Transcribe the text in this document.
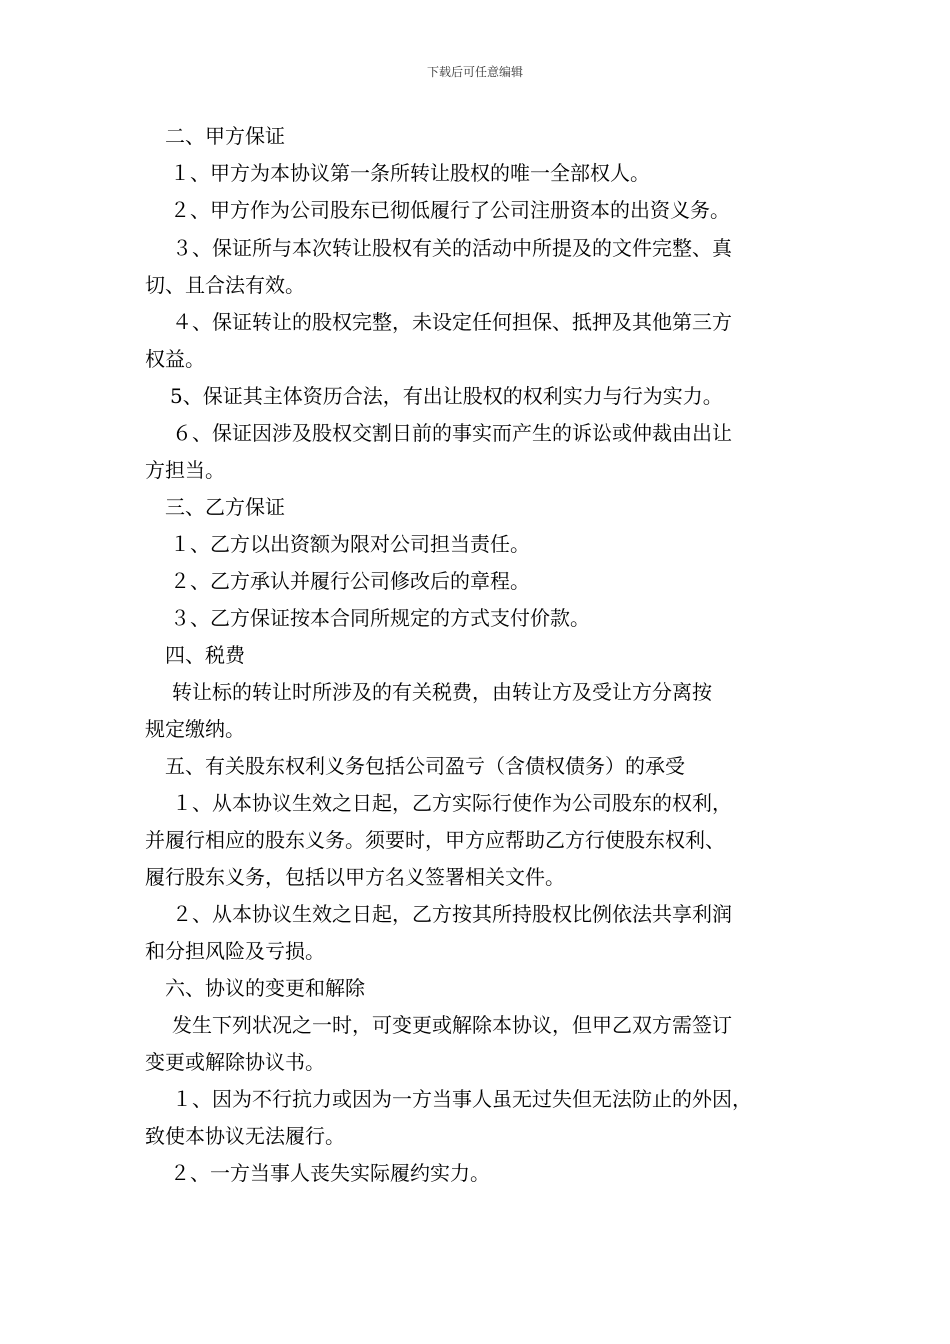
下载后可任意编辑
二、甲方保证
１、甲方为本协议第一条所转让股权的唯一全部权人。
２、甲方作为公司股东已彻低履行了公司注册资本的出资义务。
３、保证所与本次转让股权有关的活动中所提及的文件完整、真
切、且合法有效。
４、保证转让的股权完整，未设定任何担保、抵押及其他第三方
权益。
5、保证其主体资历合法，有出让股权的权利实力与行为实力。
６、保证因涉及股权交割日前的事实而产生的诉讼或仲裁由出让
方担当。
三、乙方保证
１、乙方以出资额为限对公司担当责任。
２、乙方承认并履行公司修改后的章程。
３、乙方保证按本合同所规定的方式支付价款。
四、税费
转让标的转让时所涉及的有关税费，由转让方及受让方分离按
规定缴纳。
五、有关股东权利义务包括公司盈亏（含债权债务）的承受
１、从本协议生效之日起，乙方实际行使作为公司股东的权利，
并履行相应的股东义务。须要时，甲方应帮助乙方行使股东权利、
履行股东义务，包括以甲方名义签署相关文件。
２、从本协议生效之日起，乙方按其所持股权比例依法共享利润
和分担风险及亏损。
六、协议的变更和解除
发生下列状况之一时，可变更或解除本协议，但甲乙双方需签订
变更或解除协议书。
１、因为不行抗力或因为一方当事人虽无过失但无法防止的外因，
致使本协议无法履行。
２、一方当事人丧失实际履约实力。
